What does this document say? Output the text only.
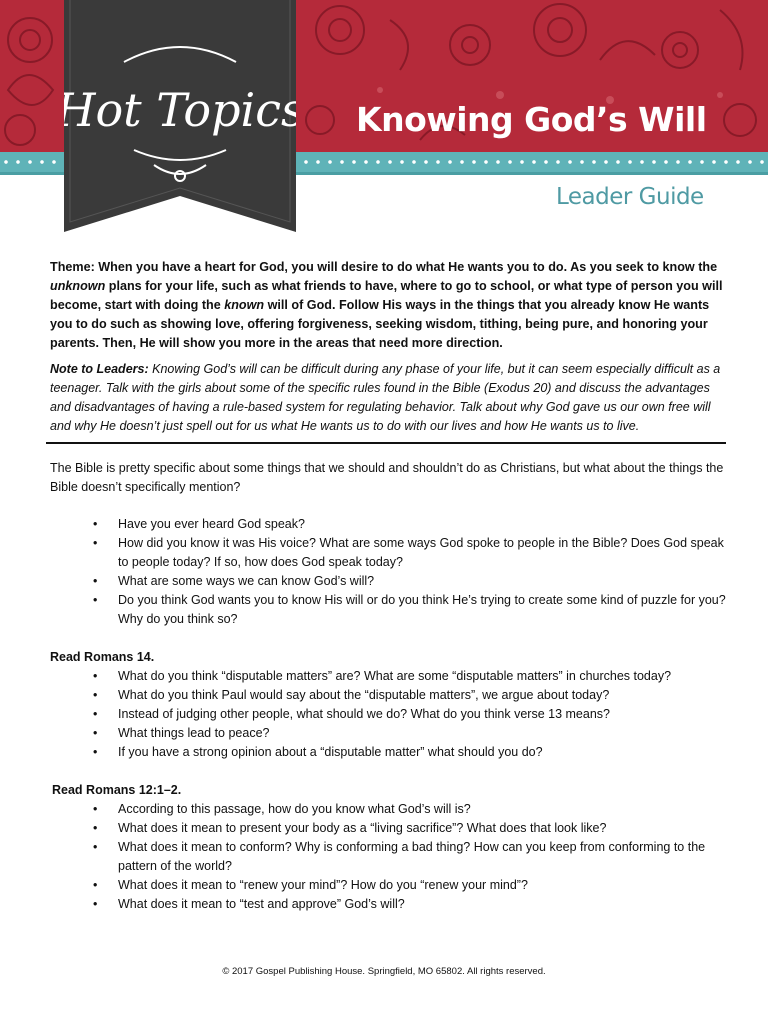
Hot Topics Knowing God’s Will
Leader Guide

Theme: When you have a heart for God, you will desire to do what He wants you to do. As you seek to know the unknown plans for your life, such as what friends to have, where to go to school, or what type of person you will become, start with doing the known will of God. Follow His ways in the things that you already know He wants you to do such as showing love, offering forgiveness, seeking wisdom, tithing, being pure, and honoring your parents. Then, He will show you more in the areas that need more direction.

Note to Leaders: Knowing God’s will can be difficult during any phase of your life, but it can seem especially difficult as a teenager. Talk with the girls about some of the specific rules found in the Bible (Exodus 20) and discuss the advantages and disadvantages of having a rule-based system for regulating behavior. Talk about why God gave us our own free will and why He doesn’t just spell out for us what He wants us to do with our lives and how He wants us to live.

The Bible is pretty specific about some things that we should and shouldn’t do as Christians, but what about the things the Bible doesn’t specifically mention?

• Have you ever heard God speak?
• How did you know it was His voice? What are some ways God spoke to people in the Bible? Does God speak to people today? If so, how does God speak today?
• What are some ways we can know God’s will?
• Do you think God wants you to know His will or do you think He’s trying to create some kind of puzzle for you? Why do you think so?

Read Romans 14.

• What do you think “disputable matters” are? What are some “disputable matters” in churches today?
• What do you think Paul would say about the “disputable matters”, we argue about today?
• Instead of judging other people, what should we do? What do you think verse 13 means?
• What things lead to peace?
• If you have a strong opinion about a “disputable matter” what should you do?

Read Romans 12:1–2.

• According to this passage, how do you know what God’s will is?
• What does it mean to present your body as a “living sacrifice”? What does that look like?
• What does it mean to conform? Why is conforming a bad thing? How can you keep from conforming to the pattern of the world?
• What does it mean to “renew your mind”? How do you “renew your mind”?
• What does it mean to “test and approve” God’s will?
© 2017 Gospel Publishing House. Springfield, MO 65802. All rights reserved.
